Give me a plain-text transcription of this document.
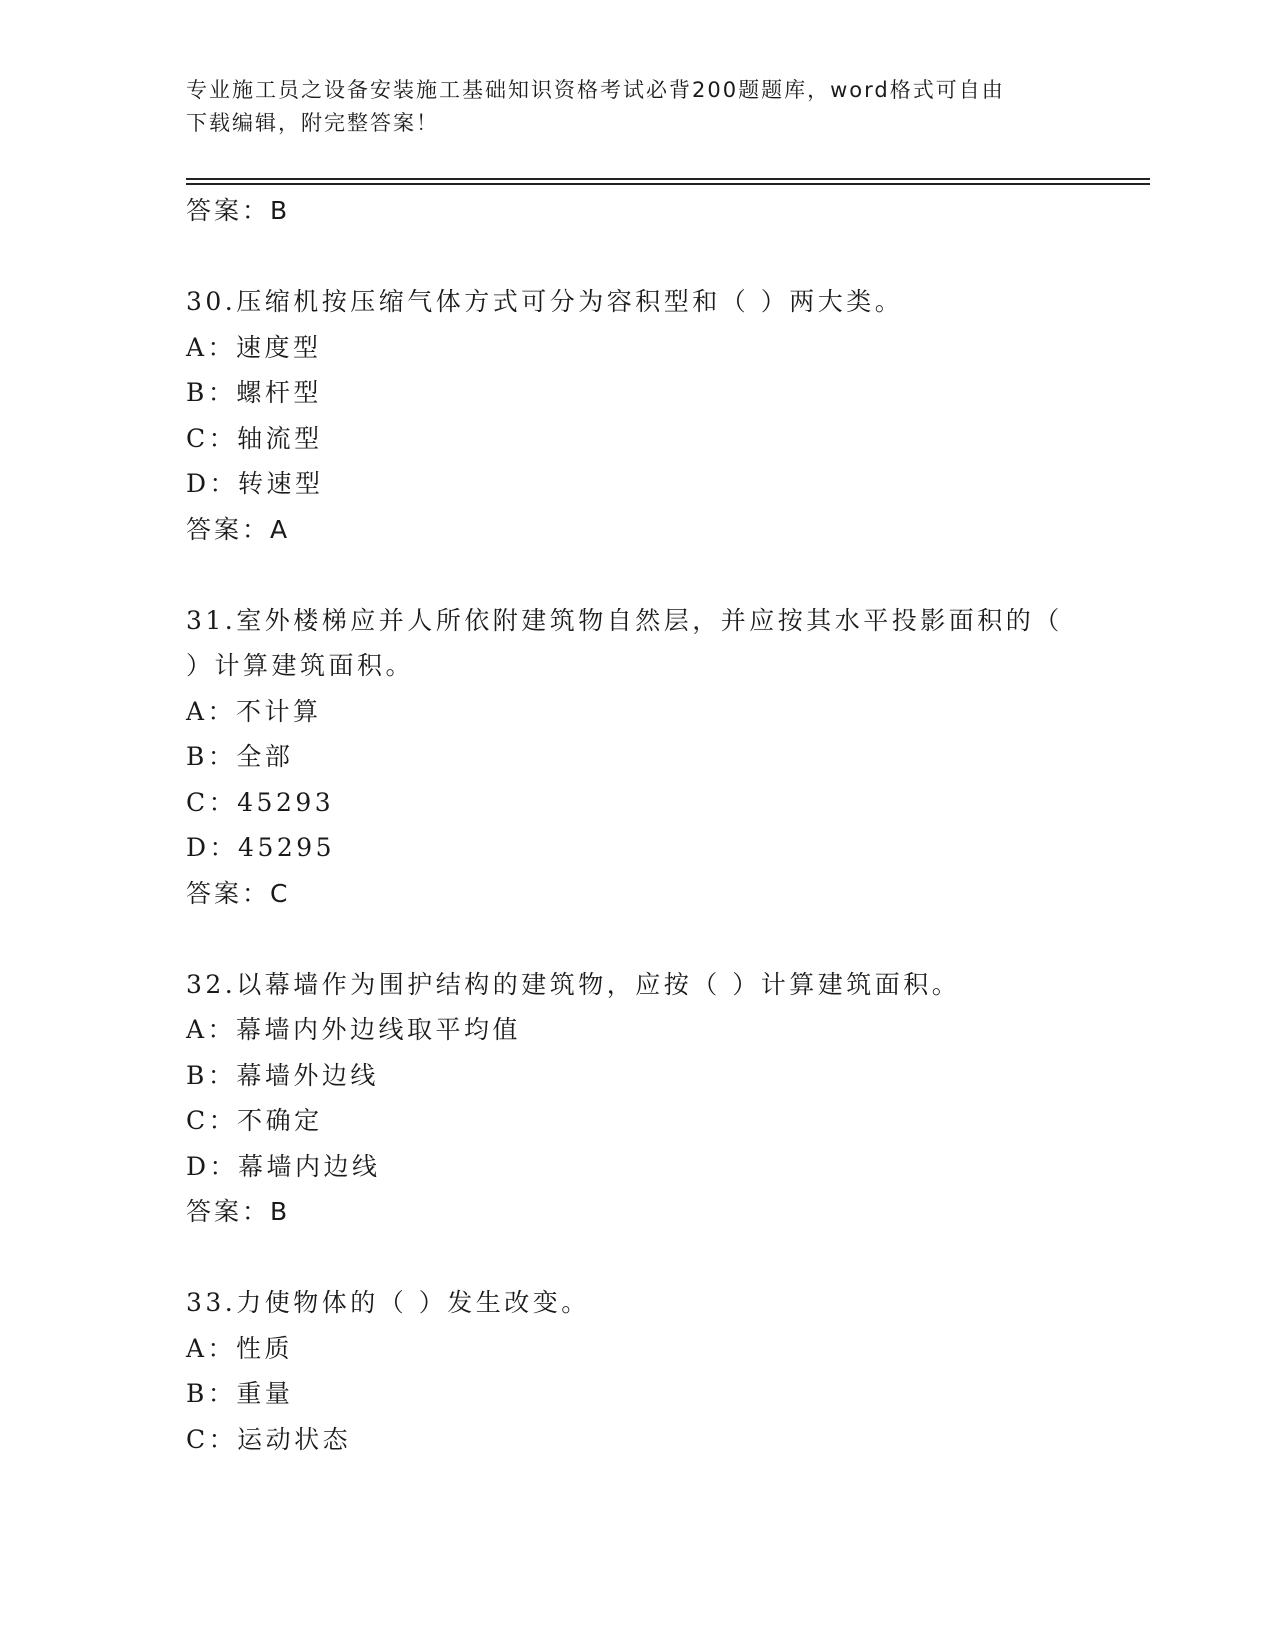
专业施工员之设备安装施工基础知识资格考试必背200题题库，word格式可自由
下载编辑，附完整答案！
答案：B
30.压缩机按压缩气体方式可分为容积型和（ ）两大类。
A：速度型
B：螺杆型
C：轴流型
D：转速型
答案：A
31.室外楼梯应并人所依附建筑物自然层，并应按其水平投影面积的（
）计算建筑面积。
A：不计算
B：全部
C：45293
D：45295
答案：C
32.以幕墙作为围护结构的建筑物，应按（ ）计算建筑面积。
A：幕墙内外边线取平均值
B：幕墙外边线
C：不确定
D：幕墙内边线
答案：B
33.力使物体的（ ）发生改变。
A：性质
B：重量
C：运动状态
